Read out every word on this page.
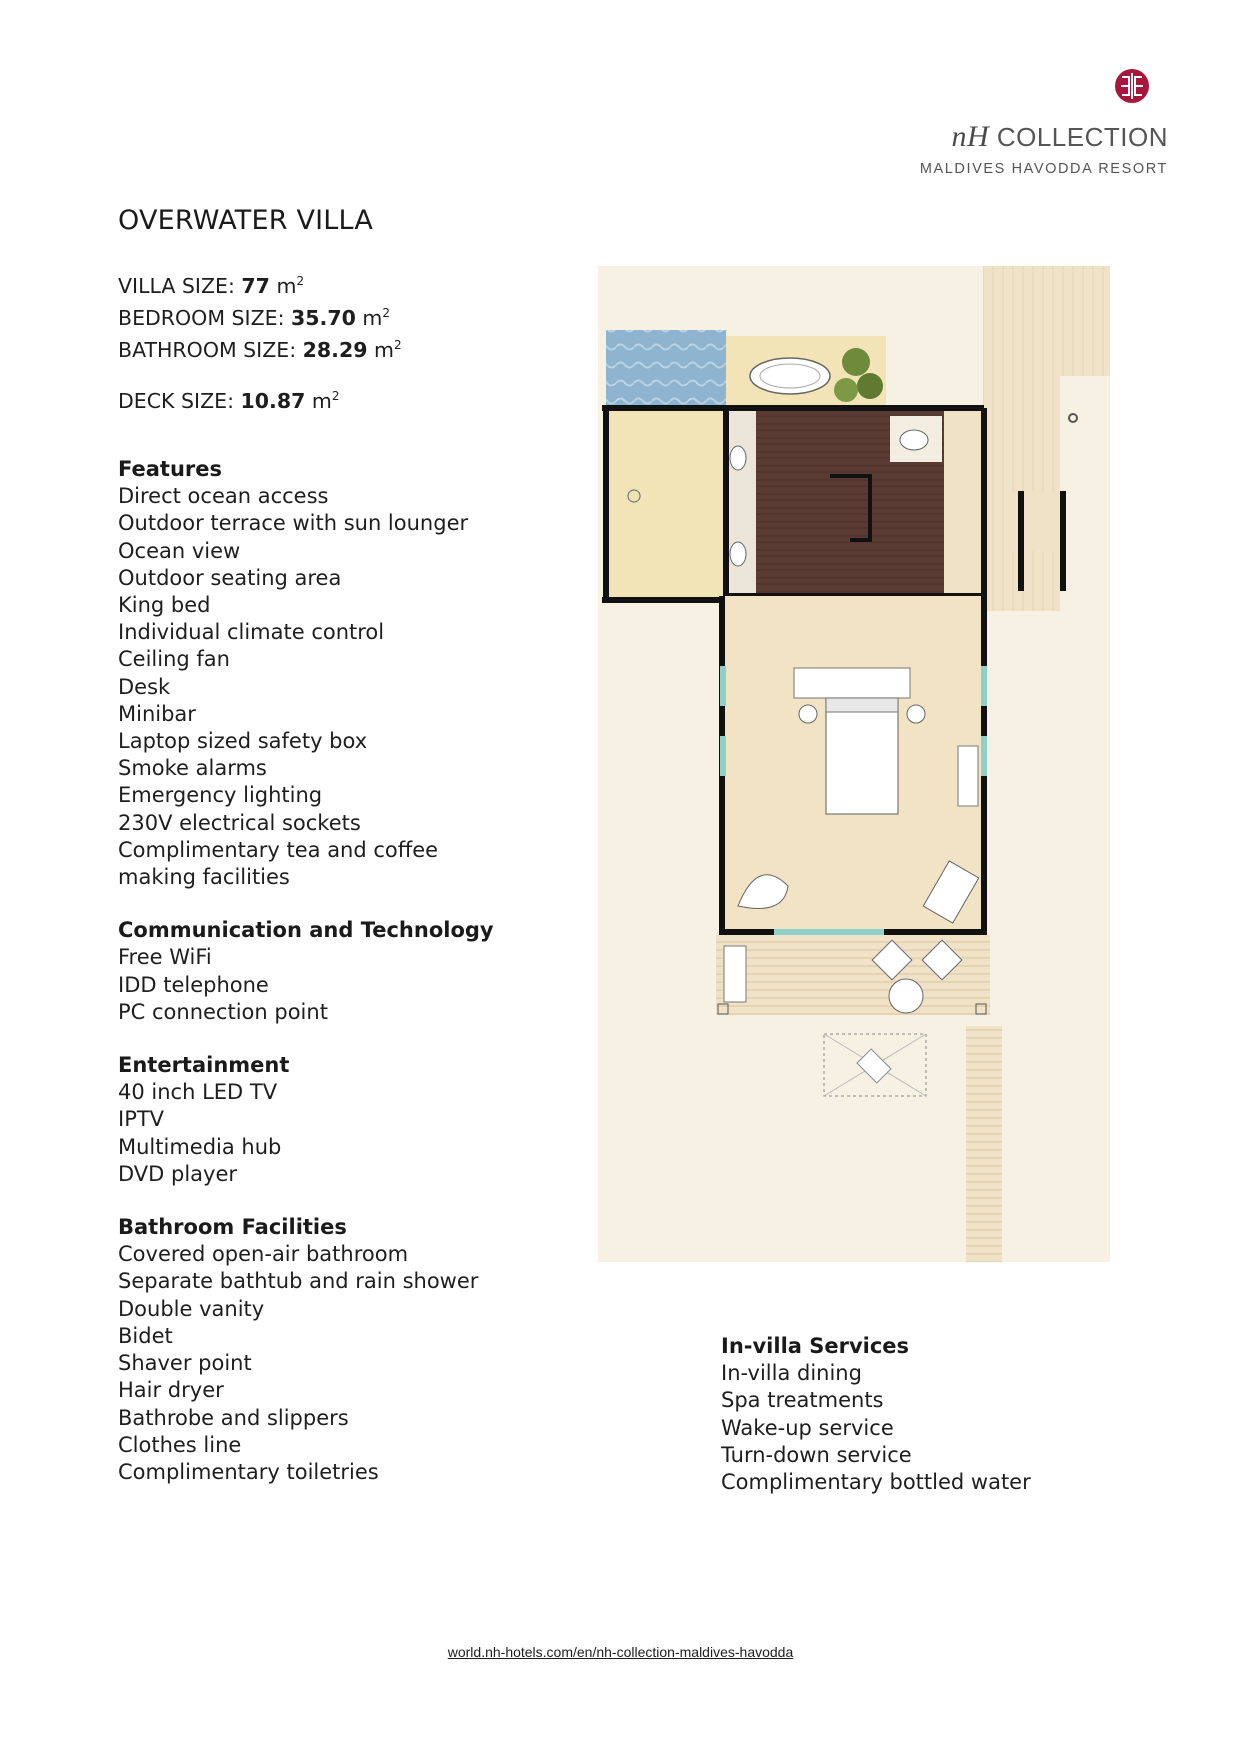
nH COLLECTION
MALDIVES HAVODDA RESORT
OVERWATER VILLA
VILLA SIZE: 77 $m^2$
BEDROOM SIZE: 35.70 $m^2$
BATHROOM SIZE: 28.29 $m^2$
DECK SIZE: 10.87 $m^2$
Features

Direct ocean access

Outdoor terrace with sun lounger

Ocean view

Outdoor seating area

King bed

Individual climate control

Ceiling fan

Desk

Minibar

Laptop sized safety box

Smoke alarms

Emergency lighting

230V electrical sockets

Complimentary tea and coffee

making facilities

Communication and Technology

Free WiFi

IDD telephone

PC connection point

Entertainment

40 inch LED TV

IPTV

Multimedia hub

DVD player

Bathroom Facilities

Covered open-air bathroom

Separate bathtub and rain shower

Double vanity

Bidet

Shaver point

Hair dryer

Bathrobe and slippers

Clothes line

Complimentary toiletries

In-villa Services

In-villa dining

Spa treatments

Wake-up service

Turn-down service

Complimentary bottled water

world.nh-hotels.com/en/nh-collection-maldives-havodda
